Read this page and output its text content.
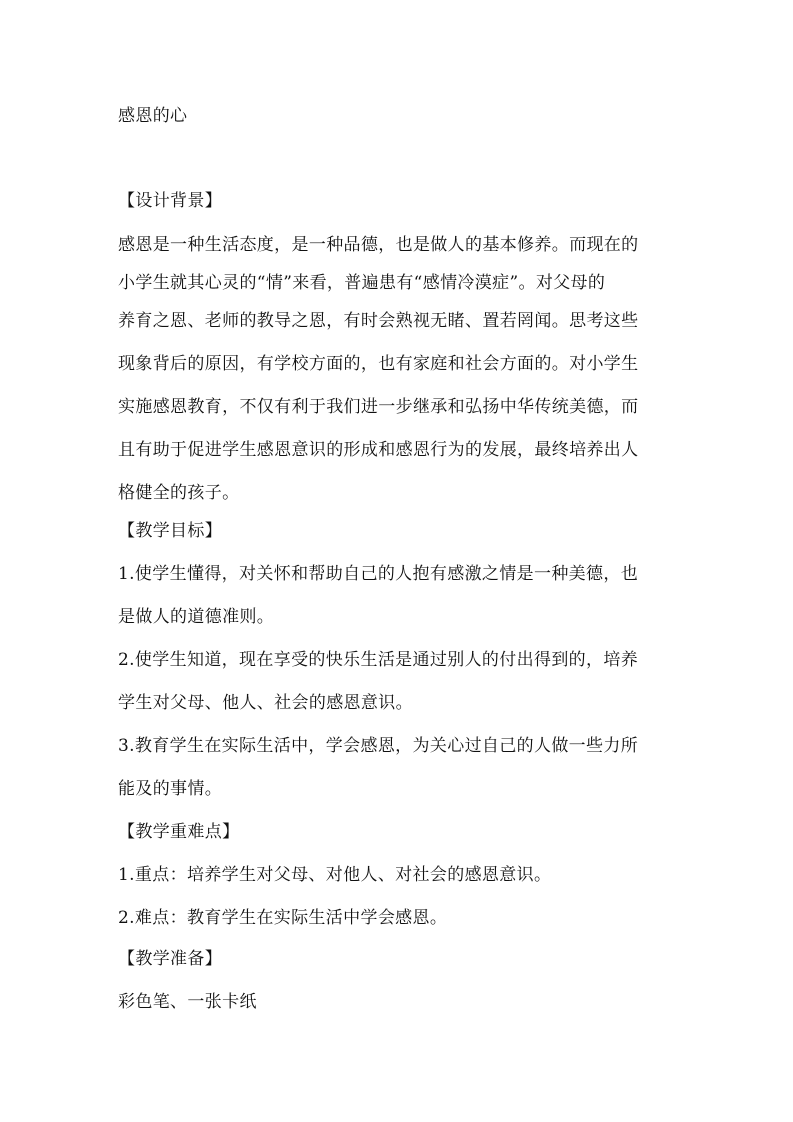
感恩的心
【设计背景】
感恩是一种生活态度，是一种品德，也是做人的基本修养。而现在的
小学生就其心灵的“情”来看，普遍患有“感情冷漠症”。对父母的
养育之恩、老师的教导之恩，有时会熟视无睹、置若罔闻。思考这些
现象背后的原因，有学校方面的，也有家庭和社会方面的。对小学生
实施感恩教育，不仅有利于我们进一步继承和弘扬中华传统美德，而
且有助于促进学生感恩意识的形成和感恩行为的发展，最终培养出人
格健全的孩子。
【教学目标】
1.使学生懂得，对关怀和帮助自己的人抱有感激之情是一种美德，也
是做人的道德准则。
2.使学生知道，现在享受的快乐生活是通过别人的付出得到的，培养
学生对父母、他人、社会的感恩意识。
3.教育学生在实际生活中，学会感恩，为关心过自己的人做一些力所
能及的事情。
【教学重难点】
1.重点：培养学生对父母、对他人、对社会的感恩意识。
2.难点：教育学生在实际生活中学会感恩。
【教学准备】
彩色笔、一张卡纸
